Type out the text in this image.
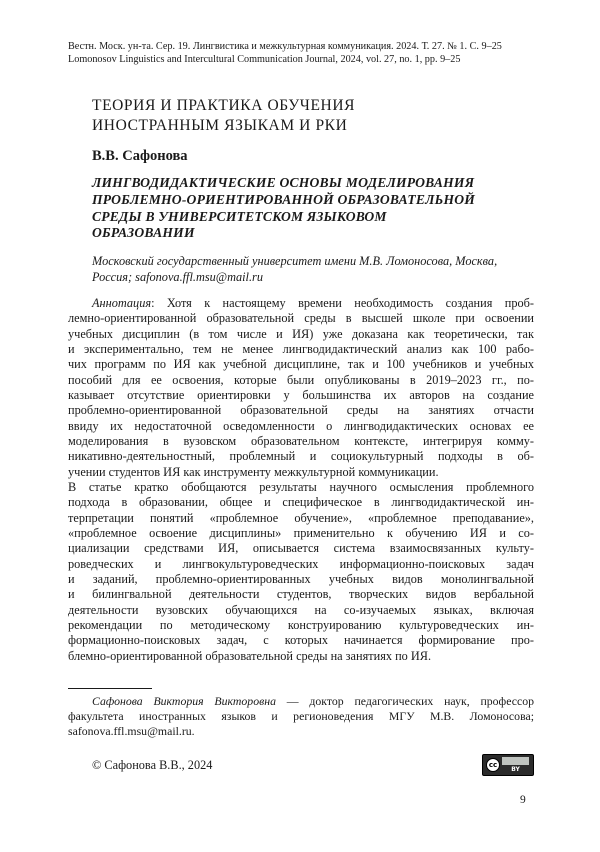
Вестн. Моск. ун-та. Сер. 19. Лингвистика и межкультурная коммуникация. 2024. Т. 27. № 1. С. 9–25
Lomonosov Linguistics and Intercultural Communication Journal, 2024, vol. 27, no. 1, pp. 9–25
ТЕОРИЯ И ПРАКТИКА ОБУЧЕНИЯ
ИНОСТРАННЫМ ЯЗЫКАМ И РКИ
В.В. Сафонова
ЛИНГВОДИДАКТИЧЕСКИЕ ОСНОВЫ МОДЕЛИРОВАНИЯ
ПРОБЛЕМНО-ОРИЕНТИРОВАННОЙ ОБРАЗОВАТЕЛЬНОЙ
СРЕДЫ В УНИВЕРСИТЕТСКОМ ЯЗЫКОВОМ
ОБРАЗОВАНИИ
Московский государственный университет имени М.В. Ломоносова, Москва,
Россия; safonova.ffl.msu@mail.ru
Аннотация: Хотя к настоящему времени необходимость создания проб-
лемно-ориентированной образовательной среды в высшей школе при освоении
учебных дисциплин (в том числе и ИЯ) уже доказана как теоретически, так
и экспериментально, тем не менее лингводидактический анализ как 100 рабо-
чих программ по ИЯ как учебной дисциплине, так и 100 учебников и учебных
пособий для ее освоения, которые были опубликованы в 2019–2023 гг., по-
казывает отсутствие ориентировки у большинства их авторов на создание
проблемно-ориентированной образовательной среды на занятиях отчасти
ввиду их недостаточной осведомленности о лингводидактических основах ее
моделирования в вузовском образовательном контексте, интегрируя комму-
никативно-деятельностный, проблемный и социокультурный подходы в об-
учении студентов ИЯ как инструменту межкультурной коммуникации.
В статье кратко обобщаются результаты научного осмысления проблемного
подхода в образовании, общее и специфическое в лингводидактической ин-
терпретации понятий «проблемное обучение», «проблемное преподавание»,
«проблемное освоение дисциплины» применительно к обучению ИЯ и со-
циализации средствами ИЯ, описывается система взаимосвязанных культу-
роведческих и лингвокультуроведческих информационно-поисковых задач
и заданий, проблемно-ориентированных учебных видов монолингвальной
и билингвальной деятельности студентов, творческих видов вербальной
деятельности вузовских обучающихся на со-изучаемых языках, включая
рекомендации по методическому конструированию культуроведческих ин-
формационно-поисковых задач, с которых начинается формирование про-
блемно-ориентированной образовательной среды на занятиях по ИЯ.
Сафонова Виктория Викторовна — доктор педагогических наук, профессор
факультета иностранных языков и регионоведения МГУ М.В. Ломоносова;
safonova.ffl.msu@mail.ru.
© Сафонова В.В., 2024	cc
BY
9
